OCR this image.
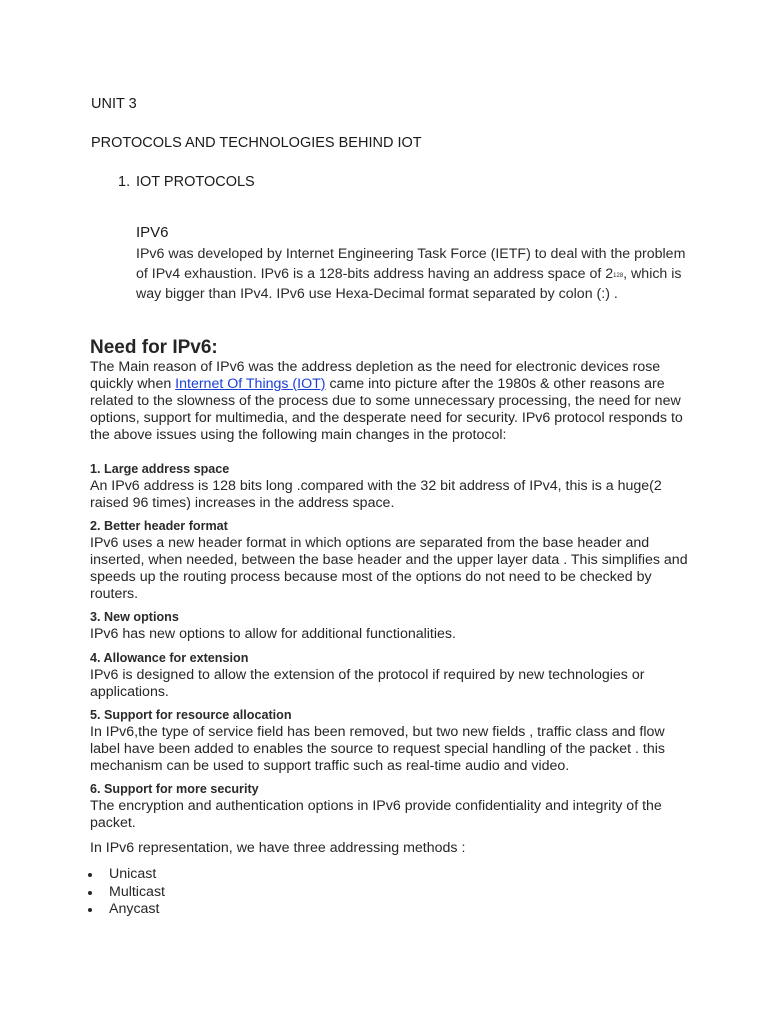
UNIT 3

PROTOCOLS AND TECHNOLOGIES BEHIND IOT

1. IOT PROTOCOLS

IPV6

IPv6 was developed by Internet Engineering Task Force (IETF) to deal with the problem of IPv4 exhaustion. IPv6 is a 128-bits address having an address space of $2^{128}$, which is way bigger than IPv4. IPv6 use Hexa-Decimal format separated by colon (:) .

Need for IPv6:

The Main reason of IPv6 was the address depletion as the need for electronic devices rose quickly when Internet Of Things (IOT) came into picture after the 1980s & other reasons are related to the slowness of the process due to some unnecessary processing, the need for new options, support for multimedia, and the desperate need for security. IPv6 protocol responds to the above issues using the following main changes in the protocol:

1. Large address space

An IPv6 address is 128 bits long .compared with the 32 bit address of IPv4, this is a huge(2 raised 96 times) increases in the address space.

2. Better header format

IPv6 uses a new header format in which options are separated from the base header and inserted, when needed, between the base header and the upper layer data . This simplifies and speeds up the routing process because most of the options do not need to be checked by routers.

3. New options

IPv6 has new options to allow for additional functionalities.

4. Allowance for extension

IPv6 is designed to allow the extension of the protocol if required by new technologies or applications.

5. Support for resource allocation

In IPv6,the type of service field has been removed, but two new fields , traffic class and flow label have been added to enables the source to request special handling of the packet . this mechanism can be used to support traffic such as real-time audio and video.

6. Support for more security

The encryption and authentication options in IPv6 provide confidentiality and integrity of the packet.

In IPv6 representation, we have three addressing methods :

Unicast
Multicast
Anycast
